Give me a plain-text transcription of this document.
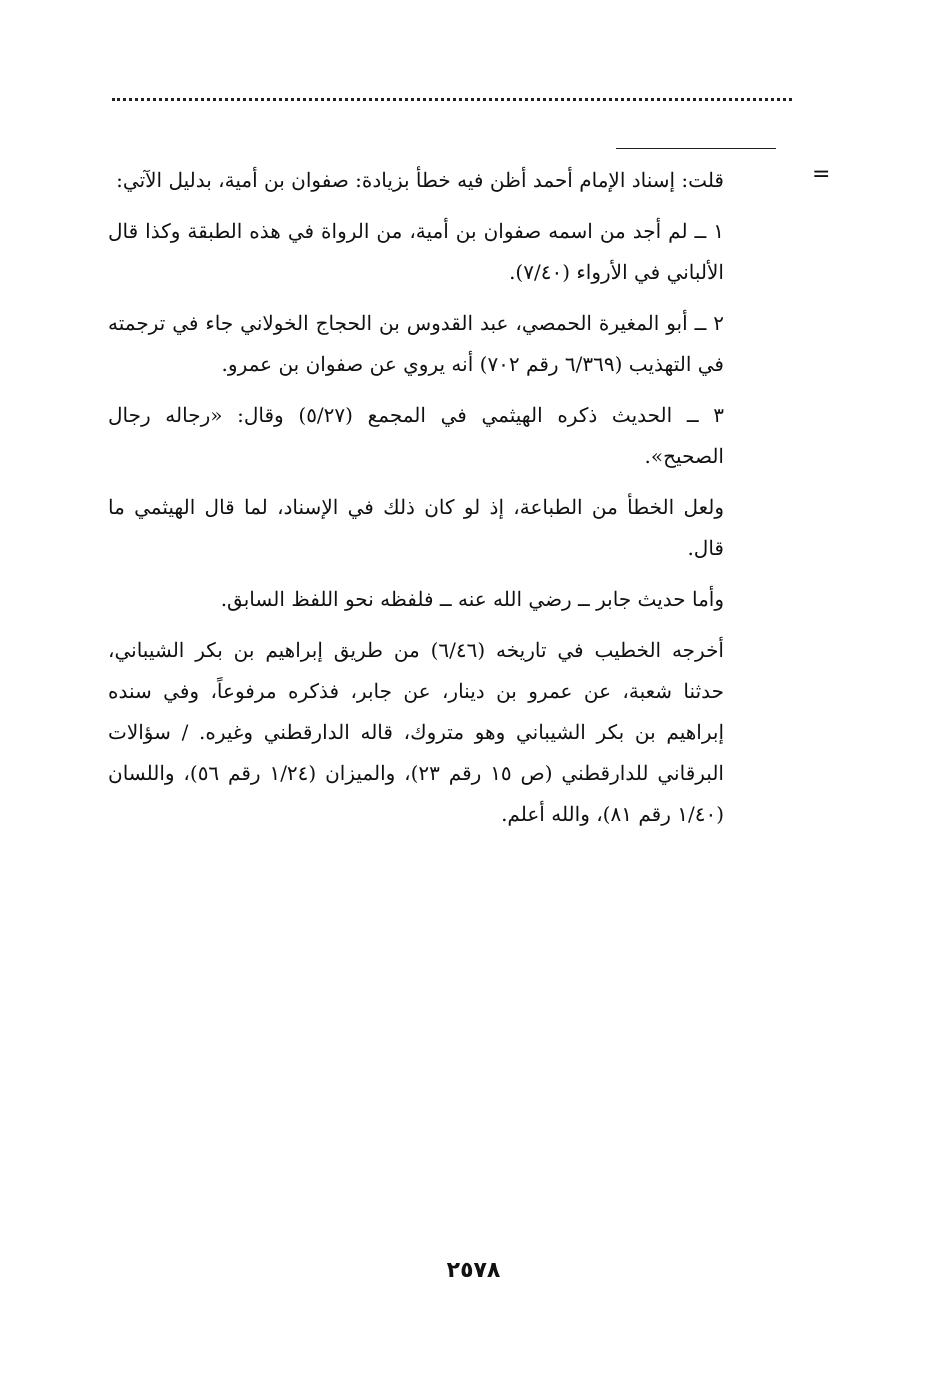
=

قلت: إسناد الإمام أحمد أظن فيه خطأ بزيادة: صفوان بن أمية، بدليل الآتي:

١ ــ لم أجد من اسمه صفوان بن أمية، من الرواة في هذه الطبقة وكذا قال الألباني في الأرواء (٧/٤٠).

٢ ــ أبو المغيرة الحمصي، عبد القدوس بن الحجاج الخولاني جاء في ترجمته في التهذيب (٦/٣٦٩ رقم ٧٠٢) أنه يروي عن صفوان بن عمرو.

٣ ــ الحديث ذكره الهيثمي في المجمع (٥/٢٧) وقال: «رجاله رجال الصحيح».

ولعل الخطأ من الطباعة، إذ لو كان ذلك في الإسناد، لما قال الهيثمي ما قال.

وأما حديث جابر ــ رضي الله عنه ــ فلفظه نحو اللفظ السابق.

أخرجه الخطيب في تاريخه (٦/٤٦) من طريق إبراهيم بن بكر الشيباني، حدثنا شعبة، عن عمرو بن دينار، عن جابر، فذكره مرفوعاً، وفي سنده إبراهيم بن بكر الشيباني وهو متروك، قاله الدارقطني وغيره. / سؤالات البرقاني للدارقطني (ص ١٥ رقم ٢٣)، والميزان (١/٢٤ رقم ٥٦)، واللسان (١/٤٠ رقم ٨١)، والله أعلم.

٢٥٧٨
